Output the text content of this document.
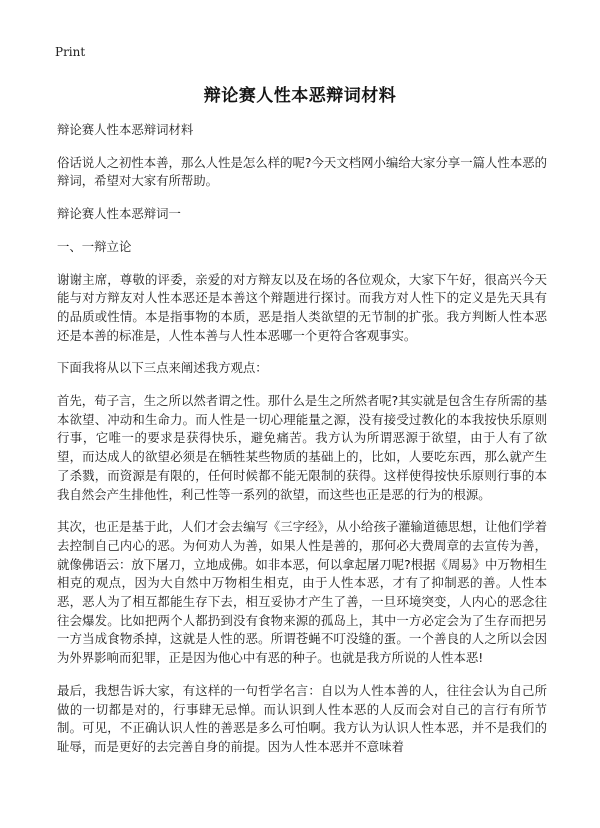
Print
辩论赛人性本恶辩词材料

辩论赛人性本恶辩词材料

俗话说人之初性本善，那么人性是怎么样的呢?今天文档网小编给大家分享一篇人性本恶的辩词，希望对大家有所帮助。

辩论赛人性本恶辩词一

一、一辩立论

谢谢主席，尊敬的评委，亲爱的对方辩友以及在场的各位观众，大家下午好，很高兴今天能与对方辩友对人性本恶还是本善这个辩题进行探讨。而我方对人性下的定义是先天具有的品质或性情。本是指事物的本质，恶是指人类欲望的无节制的扩张。我方判断人性本恶还是本善的标准是，人性本善与人性本恶哪一个更符合客观事实。

下面我将从以下三点来阐述我方观点：

首先，荀子言，生之所以然者谓之性。那什么是生之所然者呢?其实就是包含生存所需的基本欲望、冲动和生命力。而人性是一切心理能量之源，没有接受过教化的本我按快乐原则行事，它唯一的要求是获得快乐，避免痛苦。我方认为所谓恶源于欲望，由于人有了欲望，而达成人的欲望必须是在牺牲某些物质的基础上的，比如，人要吃东西，那么就产生了杀戮，而资源是有限的，任何时候都不能无限制的获得。这样使得按快乐原则行事的本我自然会产生排他性，利己性等一系列的欲望，而这些也正是恶的行为的根源。

其次，也正是基于此，人们才会去编写《三字经》，从小给孩子灌输道德思想，让他们学着去控制自己内心的恶。为何劝人为善，如果人性是善的，那何必大费周章的去宣传为善，就像佛语云：放下屠刀，立地成佛。如非本恶，何以拿起屠刀呢?根据《周易》中万物相生相克的观点，因为大自然中万物相生相克，由于人性本恶，才有了抑制恶的善。人性本恶，恶人为了相互都能生存下去，相互妥协才产生了善，一旦环境突变，人内心的恶念往往会爆发。比如把两个人都扔到没有食物来源的孤岛上，其中一方必定会为了生存而把另一方当成食物杀掉，这就是人性的恶。所谓苍蝇不叮没缝的蛋。一个善良的人之所以会因为外界影响而犯罪，正是因为他心中有恶的种子。也就是我方所说的人性本恶!

最后，我想告诉大家，有这样的一句哲学名言：自以为人性本善的人，往往会认为自己所做的一切都是对的，行事肆无忌惮。而认识到人性本恶的人反而会对自己的言行有所节制。可见，不正确认识人性的善恶是多么可怕啊。我方认为认识人性本恶，并不是我们的耻辱，而是更好的去完善自身的前提。因为人性本恶并不意味着
